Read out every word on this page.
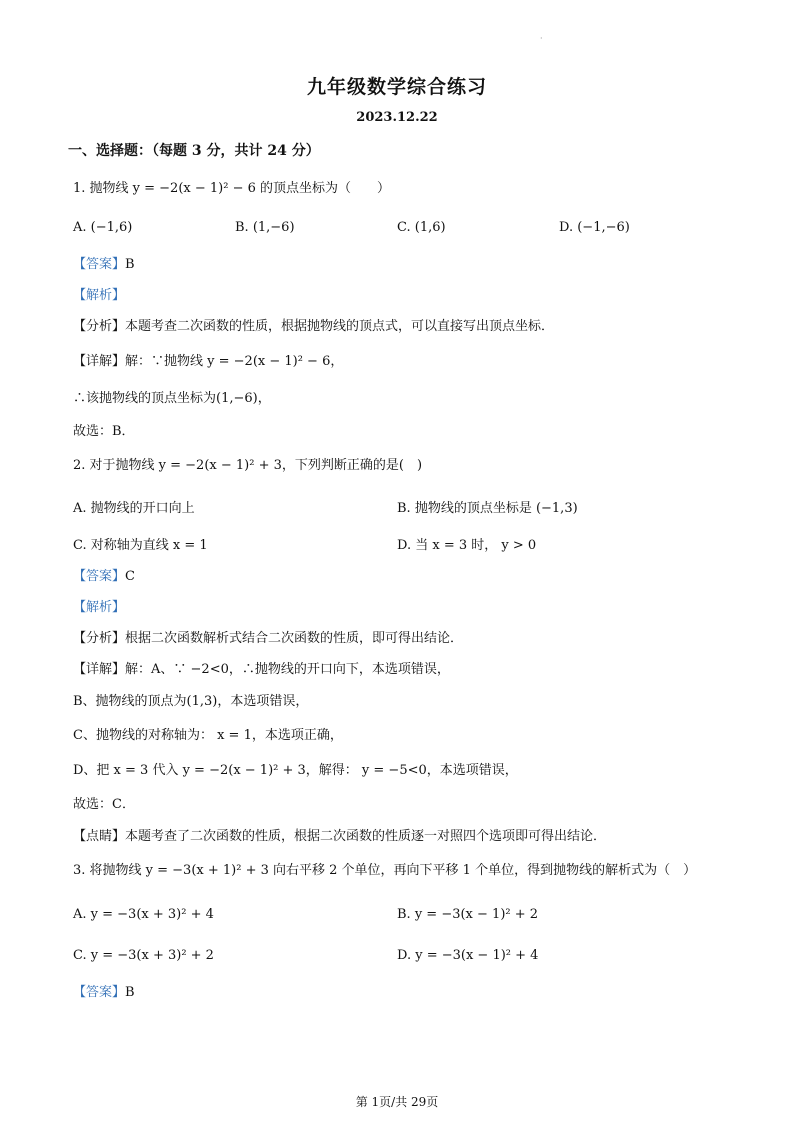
·
九年级数学综合练习
2023.12.22
一、选择题：（每题 3 分，共计 24 分）
1. 抛物线 y = −2(x − 1)² − 6 的顶点坐标为（　　）
A. (−1,6)	B. (1,−6)	C. (1,6)	D. (−1,−6)
【答案】B
【解析】
【分析】本题考查二次函数的性质，根据抛物线的顶点式，可以直接写出顶点坐标．
【详解】解：∵抛物线 y = −2(x − 1)² − 6，
∴该抛物线的顶点坐标为(1,−6)，
故选：B．
2. 对于抛物线 y = −2(x − 1)² + 3，下列判断正确的是(　)
A. 抛物线的开口向上	B. 抛物线的顶点坐标是 (−1,3)
C. 对称轴为直线 x = 1	D. 当 x = 3 时， y > 0
【答案】C
【解析】
【分析】根据二次函数解析式结合二次函数的性质，即可得出结论．
【详解】解：A、∵ −2<0，∴抛物线的开口向下，本选项错误，
B、抛物线的顶点为(1,3)，本选项错误，
C、抛物线的对称轴为： x = 1，本选项正确，
D、把 x = 3 代入 y = −2(x − 1)² + 3，解得： y = −5<0，本选项错误，
故选：C．
【点睛】本题考查了二次函数的性质，根据二次函数的性质逐一对照四个选项即可得出结论．
3. 将抛物线 y = −3(x + 1)² + 3 向右平移 2 个单位，再向下平移 1 个单位，得到抛物线的解析式为（　）
A. y = −3(x + 3)² + 4	B. y = −3(x − 1)² + 2
C. y = −3(x + 3)² + 2	D. y = −3(x − 1)² + 4
【答案】B
第 1页/共 29页
